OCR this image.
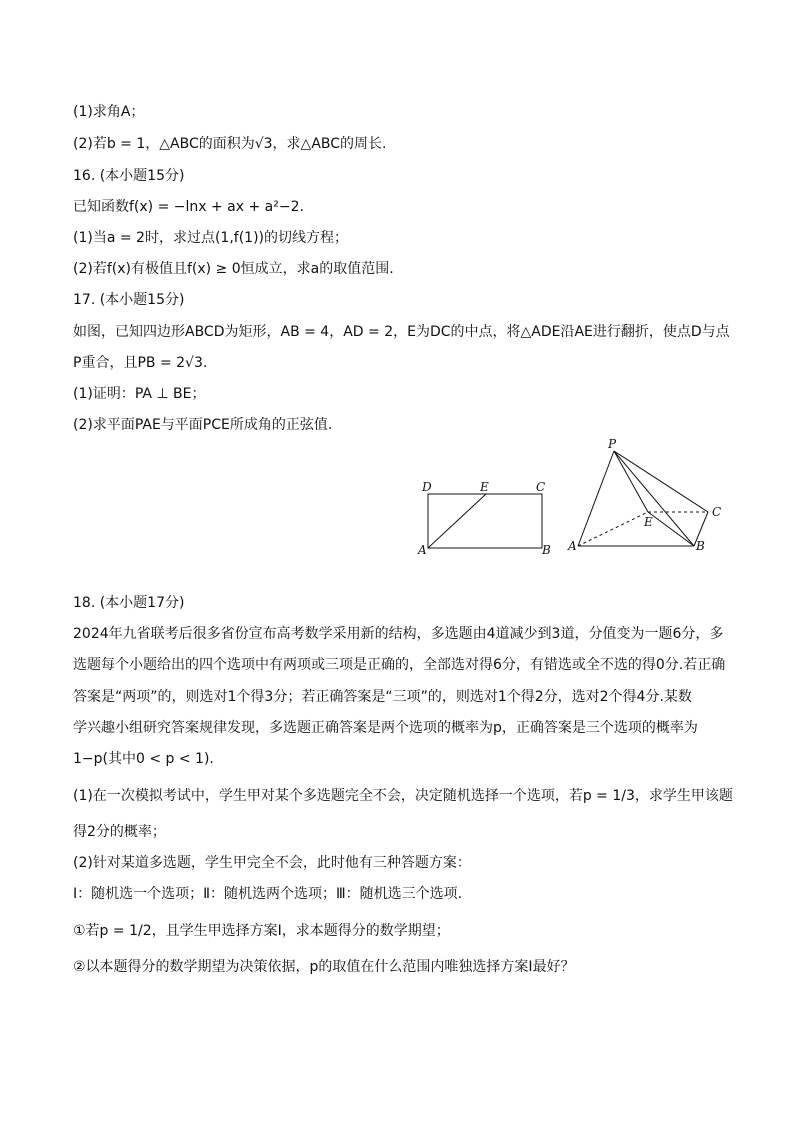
(1)求角A；
(2)若b = 1，△ABC的面积为√3，求△ABC的周长.
16. (本小题15分)
已知函数f(x) = −lnx + ax + a²−2.
(1)当a = 2时，求过点(1,f(1))的切线方程；
(2)若f(x)有极值且f(x) ≥ 0恒成立，求a的取值范围.
17. (本小题15分)
如图，已知四边形ABCD为矩形，AB = 4，AD = 2，E为DC的中点，将△ADE沿AE进行翻折，使点D与点
P重合，且PB = 2√3.
(1)证明：PA ⊥ BE；
(2)求平面PAE与平面PCE所成角的正弦值.
D	E	C
A	B
P
E
C
A	B
18. (本小题17分)
2024年九省联考后很多省份宣布高考数学采用新的结构，多选题由4道减少到3道，分值变为一题6分，多
选题每个小题给出的四个选项中有两项或三项是正确的，全部选对得6分，有错选或全不选的得0分.若正确
答案是“两项”的，则选对1个得3分；若正确答案是“三项”的，则选对1个得2分，选对2个得4分.某数
学兴趣小组研究答案规律发现，多选题正确答案是两个选项的概率为p，正确答案是三个选项的概率为
1−p(其中0 < p < 1).
(1)在一次模拟考试中，学生甲对某个多选题完全不会，决定随机选择一个选项，若p = 1/3，求学生甲该题
得2分的概率；
(2)针对某道多选题，学生甲完全不会，此时他有三种答题方案：
Ⅰ：随机选一个选项；Ⅱ：随机选两个选项；Ⅲ：随机选三个选项.
①若p = 1/2，且学生甲选择方案Ⅰ，求本题得分的数学期望；
②以本题得分的数学期望为决策依据，p的取值在什么范围内唯独选择方案Ⅰ最好？
